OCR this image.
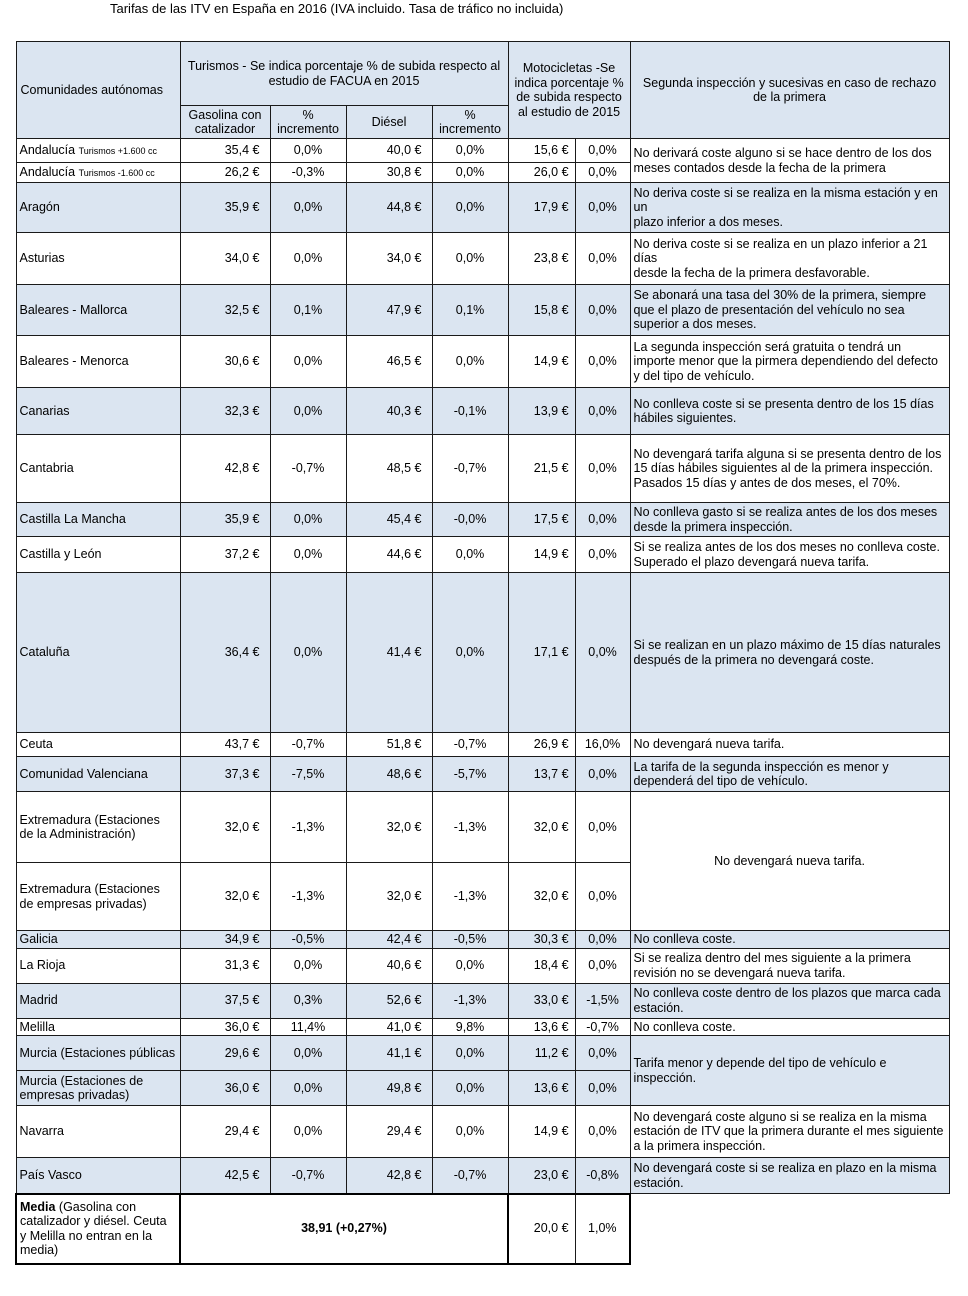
Tarifas de las ITV en España en 2016 (IVA incluido. Tasa de tráfico no incluida)
Comunidades autónomas	Turismos - Se indica porcentaje % de subida respecto al estudio de FACUA en 2015				Motocicletas -Se indica porcentaje % de subida respecto al estudio de 2015		Segunda inspección y sucesivas en caso de rechazo de la primera
	Gasolina con catalizador	% incremento	Diésel	% incremento			
Andalucía Turismos +1.600 cc	35,4 €	0,0%	40,0 €	0,0%	15,6 €	0,0%	No derivará coste alguno si se hace dentro de los dos meses contados desde la fecha de la primera
Andalucía Turismos -1.600 cc	26,2 €	-0,3%	30,8 €	0,0%	26,0 €	0,0%	
Aragón	35,9 €	0,0%	44,8 €	0,0%	17,9 €	0,0%	No deriva coste si se realiza en la misma estación y en un
plazo inferior a dos meses.
Asturias	34,0 €	0,0%	34,0 €	0,0%	23,8 €	0,0%	No deriva coste si se realiza en un plazo inferior a 21 días
desde la fecha de la primera desfavorable.
Baleares - Mallorca	32,5 €	0,1%	47,9 €	0,1%	15,8 €	0,0%	Se abonará una tasa del 30% de la primera, siempre que el plazo de presentación del vehículo no sea superior a dos meses.
Baleares - Menorca	30,6 €	0,0%	46,5 €	0,0%	14,9 €	0,0%	La segunda inspección será gratuita o tendrá un importe menor que la pirmera dependiendo del defecto y del tipo de vehículo.
Canarias	32,3 €	0,0%	40,3 €	-0,1%	13,9 €	0,0%	No conlleva coste si se presenta dentro de los 15 días
hábiles siguientes.
Cantabria	42,8 €	-0,7%	48,5 €	-0,7%	21,5 €	0,0%	No devengará tarifa alguna si se presenta dentro de los 15 días hábiles siguientes al de la primera inspección. Pasados 15 días y antes de dos meses, el 70%.
Castilla La Mancha	35,9 €	0,0%	45,4 €	-0,0%	17,5 €	0,0%	No conlleva gasto si se realiza antes de los dos meses desde la primera inspección.
Castilla y León	37,2 €	0,0%	44,6 €	0,0%	14,9 €	0,0%	Si se realiza antes de los dos meses no conlleva coste. Superado el plazo devengará nueva tarifa.
Cataluña	36,4 €	0,0%	41,4 €	0,0%	17,1 €	0,0%	Si se realizan en un plazo máximo de 15 días naturales después de la primera no devengará coste.
Ceuta	43,7 €	-0,7%	51,8 €	-0,7%	26,9 €	16,0%	No devengará nueva tarifa.
Comunidad Valenciana	37,3 €	-7,5%	48,6 €	-5,7%	13,7 €	0,0%	La tarifa de la segunda inspección es menor y dependerá del tipo de vehículo.
Extremadura (Estaciones de la Administración)	32,0 €	-1,3%	32,0 €	-1,3%	32,0 €	0,0%	No devengará nueva tarifa.
Extremadura (Estaciones de empresas privadas)	32,0 €	-1,3%	32,0 €	-1,3%	32,0 €	0,0%	
Galicia	34,9 €	-0,5%	42,4 €	-0,5%	30,3 €	0,0%	No conlleva coste.
La Rioja	31,3 €	0,0%	40,6 €	0,0%	18,4 €	0,0%	Si se realiza dentro del mes siguiente a la primera revisión no se devengará nueva tarifa.
Madrid	37,5 €	0,3%	52,6 €	-1,3%	33,0 €	-1,5%	No conlleva coste dentro de los plazos que marca cada estación.
Melilla	36,0 €	11,4%	41,0 €	9,8%	13,6 €	-0,7%	No conlleva coste.
Murcia (Estaciones públicas	29,6 €	0,0%	41,1 €	0,0%	11,2 €	0,0%	Tarifa menor y depende del tipo de vehículo e inspección.
Murcia (Estaciones de empresas privadas)	36,0 €	0,0%	49,8 €	0,0%	13,6 €	0,0%	
Navarra	29,4 €	0,0%	29,4 €	0,0%	14,9 €	0,0%	No devengará coste alguno si se realiza en la misma estación de ITV que la primera durante el mes siguiente a la primera inspección.
País Vasco	42,5 €	-0,7%	42,8 €	-0,7%	23,0 €	-0,8%	No devengará coste si se realiza en plazo en la misma estación.
Media (Gasolina con catalizador y diésel. Ceuta y Melilla no entran en la media)	38,91 (+0,27%)				20,0 €	1,0%	
